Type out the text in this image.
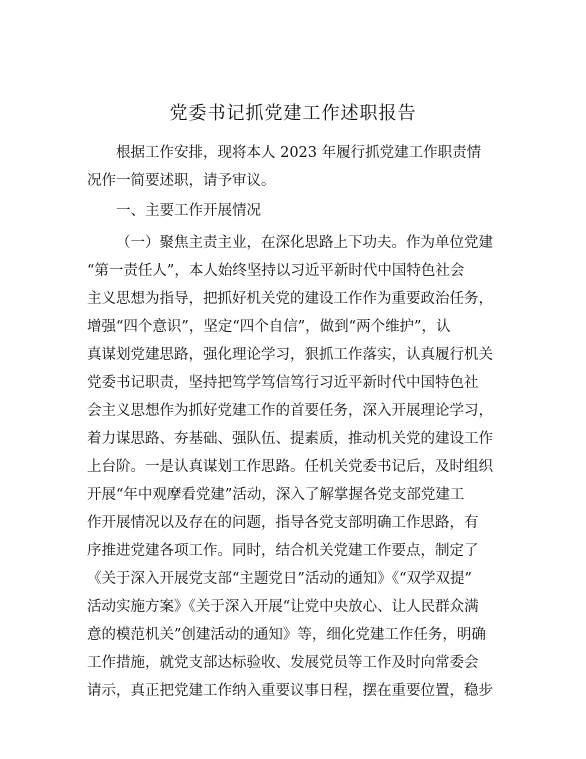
党委书记抓党建工作述职报告
根据工作安排，现将本人 2023 年履行抓党建工作职责情
况作一简要述职，请予审议。
一、主要工作开展情况
（一）聚焦主责主业，在深化思路上下功夫。作为单位党建
“第一责任人”，本人始终坚持以习近平新时代中国特色社会
主义思想为指导，把抓好机关党的建设工作作为重要政治任务，
增强“四个意识”，坚定“四个自信”，做到“两个维护”，认
真谋划党建思路，强化理论学习，狠抓工作落实，认真履行机关
党委书记职责，坚持把笃学笃信笃行习近平新时代中国特色社
会主义思想作为抓好党建工作的首要任务，深入开展理论学习，
着力谋思路、夯基础、强队伍、提素质，推动机关党的建设工作
上台阶。一是认真谋划工作思路。任机关党委书记后，及时组织
开展“年中观摩看党建”活动，深入了解掌握各党支部党建工
作开展情况以及存在的问题，指导各党支部明确工作思路，有
序推进党建各项工作。同时，结合机关党建工作要点，制定了
《关于深入开展党支部“主题党日”活动的通知》《“双学双提”
活动实施方案》《关于深入开展“让党中央放心、让人民群众满
意的模范机关”创建活动的通知》等，细化党建工作任务，明确
工作措施，就党支部达标验收、发展党员等工作及时向常委会
请示，真正把党建工作纳入重要议事日程，摆在重要位置，稳步
